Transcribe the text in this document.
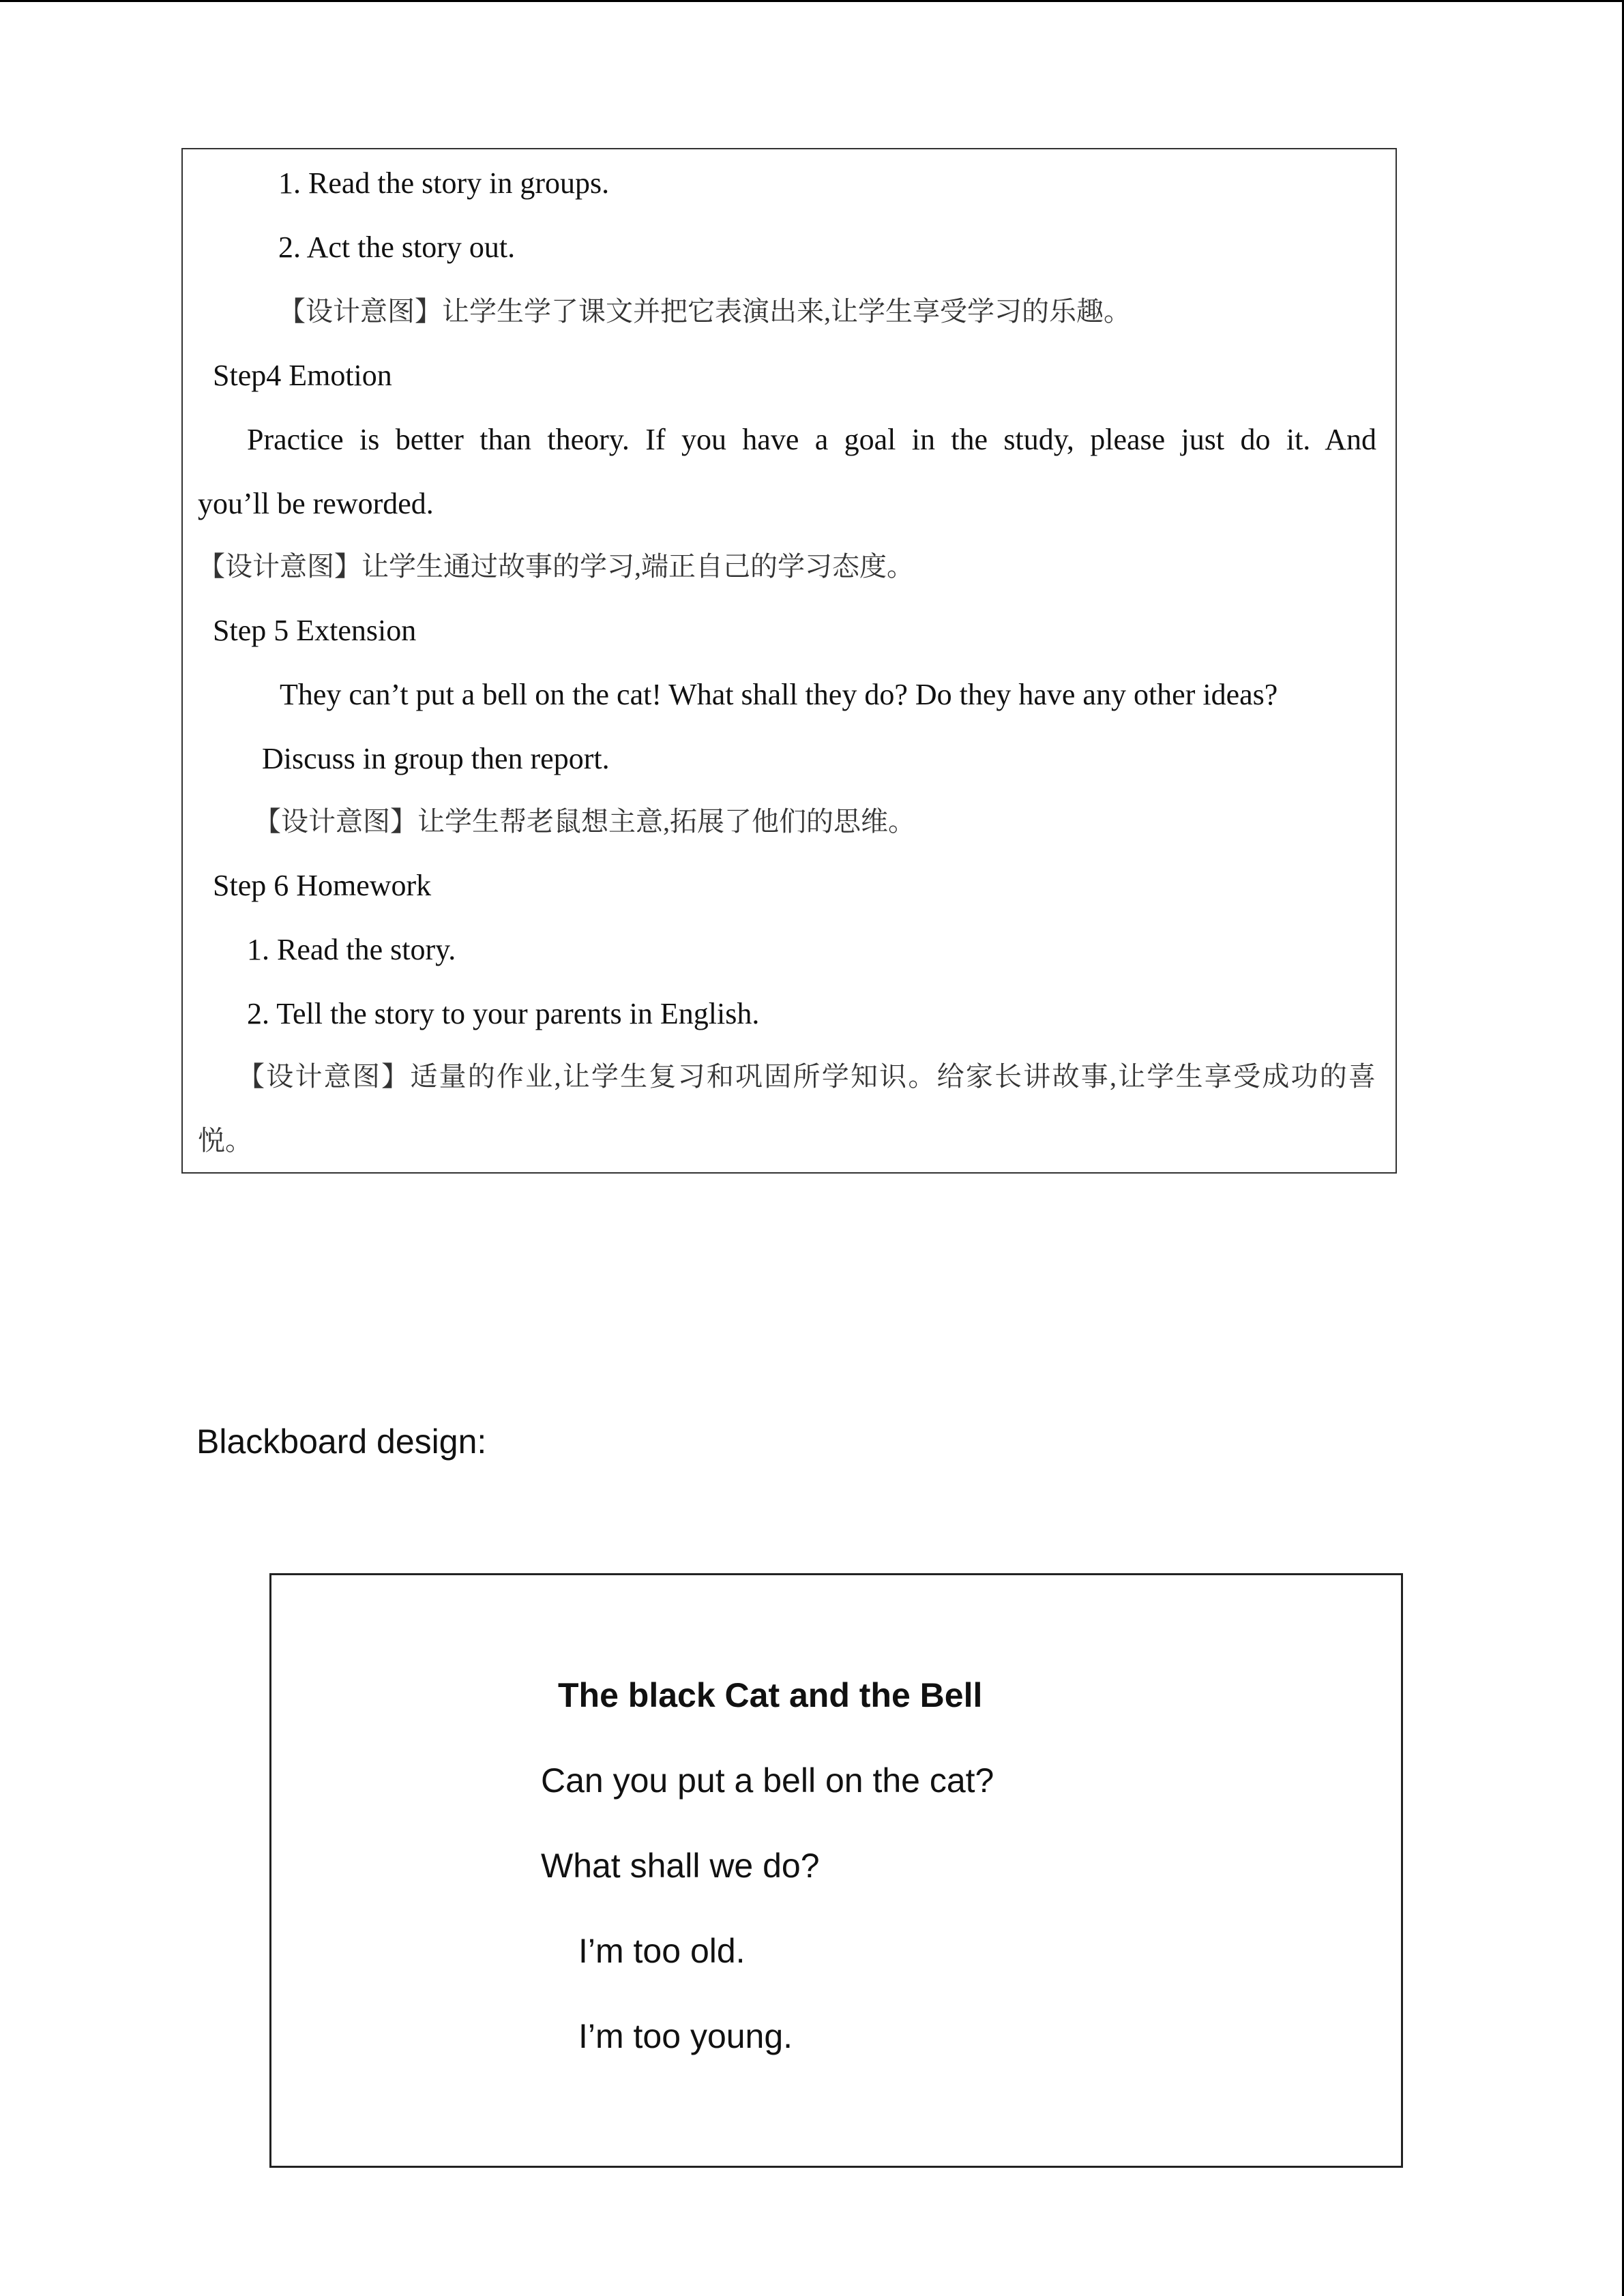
1. Read the story in groups.
2. Act the story out.
【设计意图】让学生学了课文并把它表演出来,让学生享受学习的乐趣。
Step4 Emotion
Practice is better than theory. If you have a goal in the study, please just do it. And
you’ll be reworded.
【设计意图】让学生通过故事的学习,端正自己的学习态度。
Step 5 Extension
They can’t put a bell on the cat! What shall they do? Do they have any other ideas?
Discuss in group then report.
【设计意图】让学生帮老鼠想主意,拓展了他们的思维。
Step 6 Homework
1. Read the story.
2. Tell the story to your parents in English.
【设计意图】适量的作业,让学生复习和巩固所学知识。给家长讲故事,让学生享受成功的喜
悦。
Blackboard design:
The black Cat and the Bell
Can you put a bell on the cat?
What shall we do?
I’m too old.
I’m too young.
